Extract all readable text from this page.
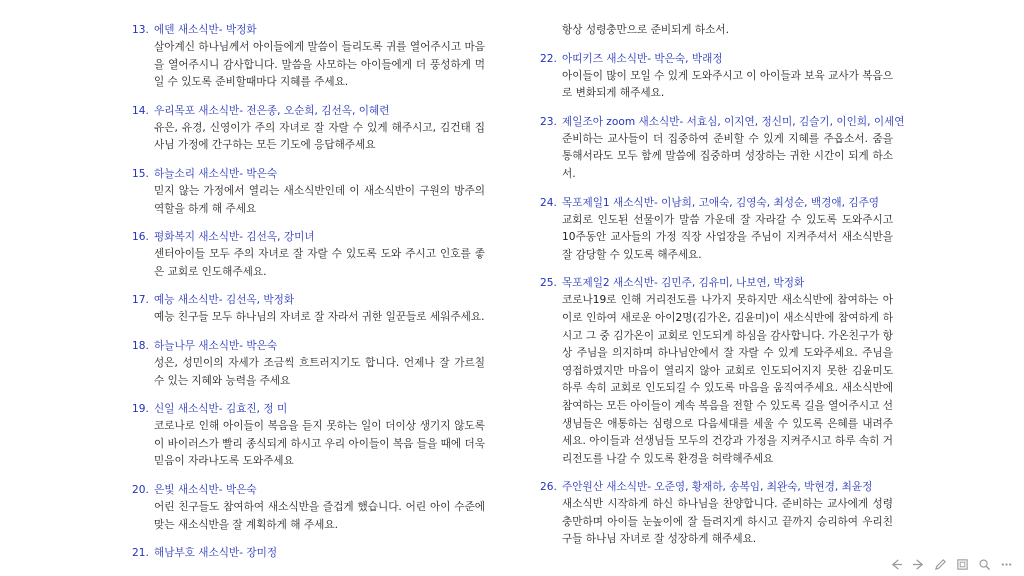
13. 에덴 새소식반- 박정화
살아계신 하나님께서 아이들에게 말씀이 들리도록 귀를 열어주시고 마음을 열어주시니 감사합니다. 말씀을 사모하는 아이들에게 더 풍성하게 먹일 수 있도록 준비할때마다 지혜를 주세요.
14. 우리목포 새소식반- 전은종, 오순희, 김선옥, 이혜련
유은, 유경, 신영이가 주의 자녀로 잘 자랄 수 있게 해주시고, 김건태 집사님 가정에 간구하는 모든 기도에 응답해주세요
15. 하늘소리 새소식반- 박은숙
믿지 않는 가정에서 열리는 새소식반인데 이 새소식반이 구원의 방주의 역할을 하게 해 주세요
16. 평화복지 새소식반- 김선옥, 강미녀
센터아이들 모두 주의 자녀로 잘 자랄 수 있도록 도와 주시고 인호를 좋은 교회로 인도해주세요.
17. 예능 새소식반- 김선옥, 박정화
예능 친구들 모두 하나님의 자녀로 잘 자라서 귀한 일꾼들로 세워주세요.
18. 하늘나무 새소식반- 박은숙
성은, 성민이의 자세가 조금씩 흐트러지기도 합니다. 언제나 잘 가르칠 수 있는 지혜와 능력을 주세요
19. 신일 새소식반- 김효진, 정 미
코로나로 인해 아이들이 복음을 듣지 못하는 일이 더이상 생기지 않도록 이 바이러스가 빨리 종식되게 하시고 우리 아이들이 복음 들을 때에 더욱 믿음이 자라나도록 도와주세요
20. 은빛 새소식반- 박은숙
어린 친구들도 참여하여 새소식반을 즐겁게 했습니다. 어린 아이 수준에 맞는 새소식반을 잘 계획하게 해 주세요.
21. 해남부호 새소식반- 장미정
항상 성령충만으로 준비되게 하소서.
22. 아띠키즈 새소식반- 박은숙, 박래정
아이들이 많이 모일 수 있게 도와주시고 이 아이들과 보육 교사가 복음으로 변화되게 해주세요.
23. 제일조아 zoom 새소식반- 서효심, 이지연, 정신미, 김슬기, 이인희, 이세연
준비하는 교사들이 더 집중하여 준비할 수 있게 지혜를 주옵소서. 줌을 통해서라도 모두 함께 말씀에 집중하며 성장하는 귀한 시간이 되게 하소서.
24. 목포제일1 새소식반- 이남희, 고애숙, 김영숙, 최성순, 백경애, 김주영
교회로 인도된 선물이가 말씀 가운데 잘 자라갈 수 있도록 도와주시고 10주동안 교사들의 가정 직장 사업장을 주님이 지켜주셔서 새소식반을 잘 감당할 수 있도록 해주세요.
25. 목포제일2 새소식반- 김민주, 김유미, 나보연, 박정화
코로나19로 인해 거리전도를 나가지 못하지만 새소식반에 참여하는 아이로 인하여 새로운 아이2명(김가온, 김윤미)이 새소식반에 참여하게 하시고 그 중 김가온이 교회로 인도되게 하심을 감사합니다. 가온친구가 항상 주님을 의지하며 하나님안에서 잘 자랄 수 있게 도와주세요. 주님을 영접하였지만 마음이 열리지 않아 교회로 인도되어지지 못한 김윤미도 하루 속히 교회로 인도되길 수 있도록 마음을 움직여주세요. 새소식반에 참여하는 모든 아이들이 계속 복음을 전할 수 있도록 길을 열어주시고 선생님들은 애통하는 심령으로 다음세대를 세울 수 있도록 은혜를 내려주세요. 아이들과 선생님들 모두의 건강과 가정을 지켜주시고 하루 속히 거리전도를 나갈 수 있도록 환경을 허락해주세요
26. 주안원산 새소식반- 오준영, 황재하, 송복임, 최완숙, 박현경, 최윤정
새소식반 시작하게 하신 하나님을 찬양합니다. 준비하는 교사에게 성령충만하며 아이들 눈높이에 잘 들려지게 하시고 끝까지 승리하여 우리친구들 하나님 자녀로 잘 성장하게 해주세요.
